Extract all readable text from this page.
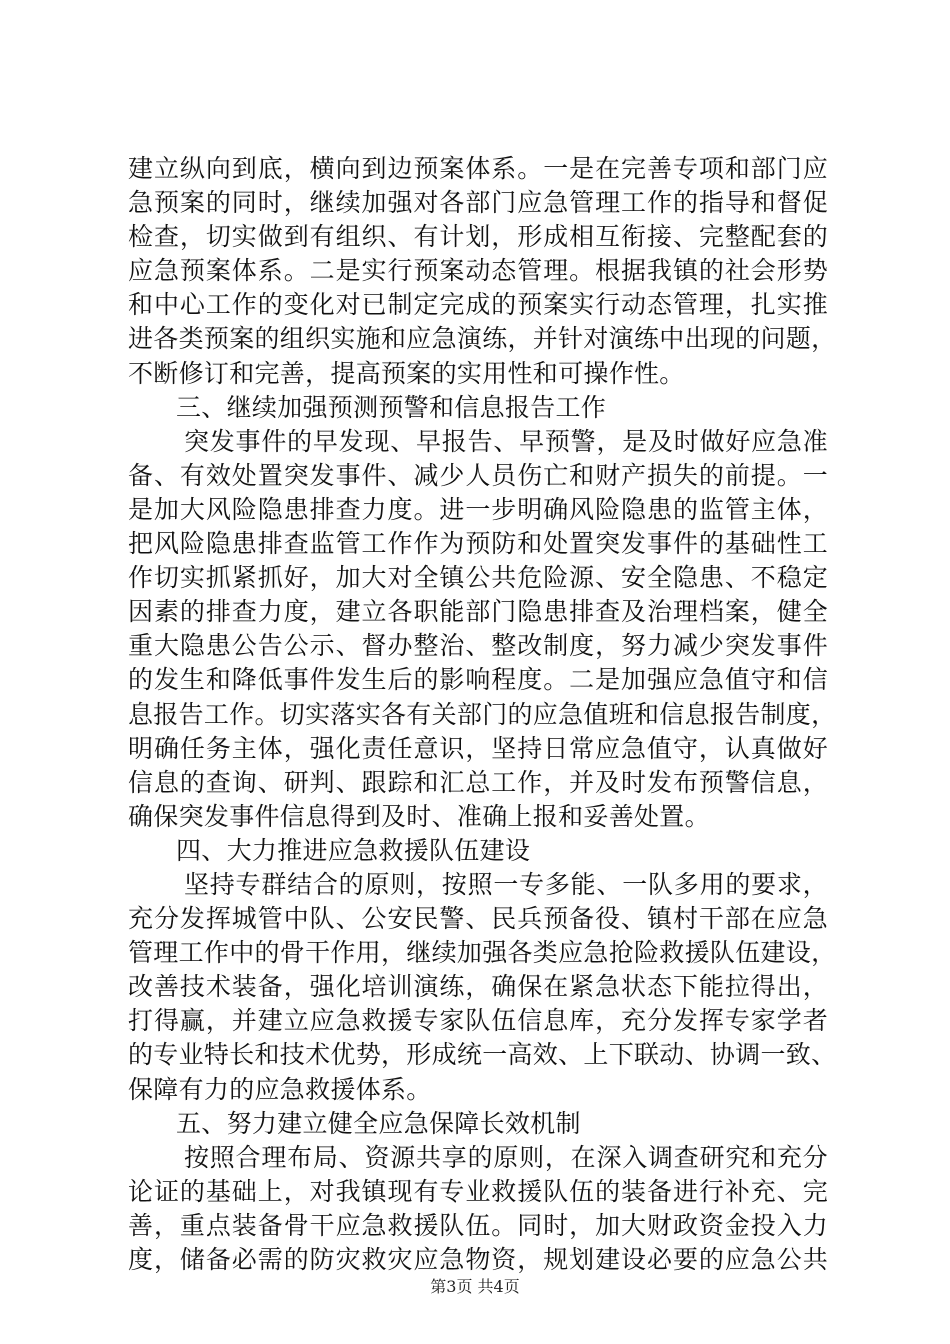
建立纵向到底，横向到边预案体系。一是在完善专项和部门应
急预案的同时，继续加强对各部门应急管理工作的指导和督促
检查，切实做到有组织、有计划，形成相互衔接、完整配套的
应急预案体系。二是实行预案动态管理。根据我镇的社会形势
和中心工作的变化对已制定完成的预案实行动态管理，扎实推
进各类预案的组织实施和应急演练，并针对演练中出现的问题，
不断修订和完善，提高预案的实用性和可操作性。
三、继续加强预测预警和信息报告工作
突发事件的早发现、早报告、早预警，是及时做好应急准
备、有效处置突发事件、减少人员伤亡和财产损失的前提。一
是加大风险隐患排查力度。进一步明确风险隐患的监管主体，
把风险隐患排查监管工作作为预防和处置突发事件的基础性工
作切实抓紧抓好，加大对全镇公共危险源、安全隐患、不稳定
因素的排查力度，建立各职能部门隐患排查及治理档案，健全
重大隐患公告公示、督办整治、整改制度，努力减少突发事件
的发生和降低事件发生后的影响程度。二是加强应急值守和信
息报告工作。切实落实各有关部门的应急值班和信息报告制度，
明确任务主体，强化责任意识，坚持日常应急值守，认真做好
信息的查询、研判、跟踪和汇总工作，并及时发布预警信息，
确保突发事件信息得到及时、准确上报和妥善处置。
四、大力推进应急救援队伍建设
坚持专群结合的原则，按照一专多能、一队多用的要求，
充分发挥城管中队、公安民警、民兵预备役、镇村干部在应急
管理工作中的骨干作用，继续加强各类应急抢险救援队伍建设，
改善技术装备，强化培训演练，确保在紧急状态下能拉得出，
打得赢，并建立应急救援专家队伍信息库，充分发挥专家学者
的专业特长和技术优势，形成统一高效、上下联动、协调一致、
保障有力的应急救援体系。
五、努力建立健全应急保障长效机制
按照合理布局、资源共享的原则，在深入调查研究和充分
论证的基础上，对我镇现有专业救援队伍的装备进行补充、完
善，重点装备骨干应急救援队伍。同时，加大财政资金投入力
度，储备必需的防灾救灾应急物资，规划建设必要的应急公共
第3页 共4页
